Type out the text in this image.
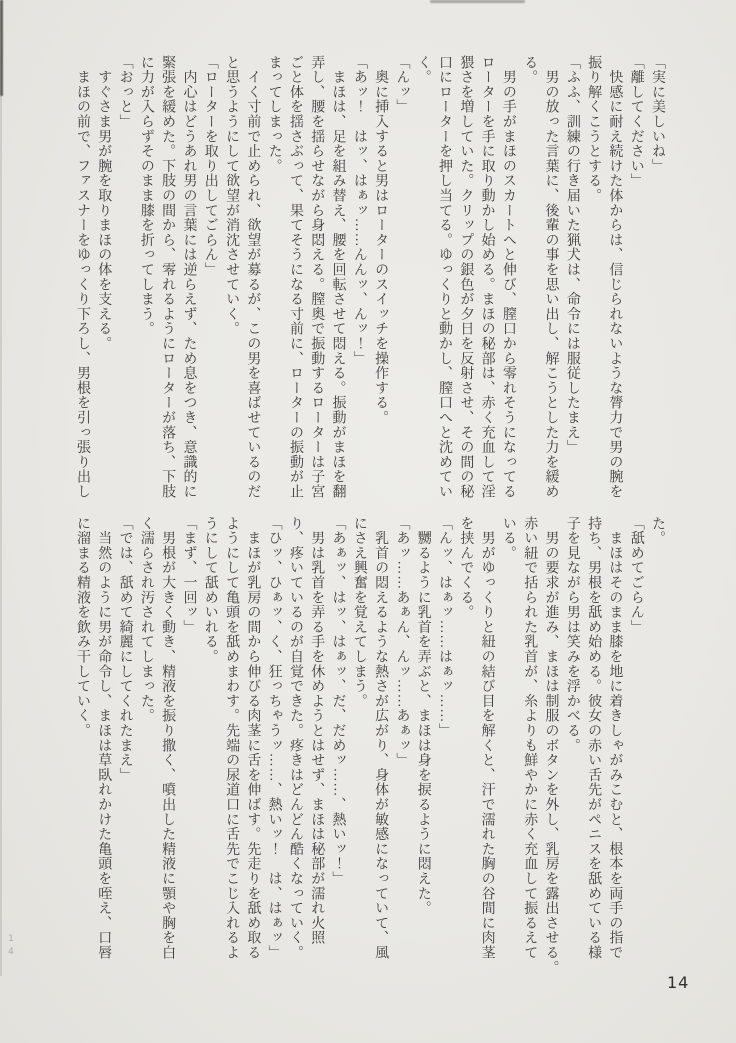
「実に美しいね」
「離してください」
　快感に耐え続けた体からは、信じられないような膂力で男の腕を
振り解くこうとする。
「ふふ、訓練の行き届いた猟犬は、命令には服従したまえ」
　男の放った言葉に、後輩の事を思い出し、解こうとした力を緩め
る。
　男の手がまほのスカートへと伸び、膣口から零れそうになってる
ローターを手に取り動かし始める。まほの秘部は、赤く充血して淫
猥さを増していた。クリップの銀色が夕日を反射させ、その間の秘
口にローターを押し当てる。ゆっくりと動かし、膣口へと沈めてい
く。
「んッ」
　奥に挿入すると男はローターのスイッチを操作する。
「あッ！　はッ、はぁッ……んんッ、んッ！」
　まほは、足を組み替え、腰を回転させて悶える。振動がまほを翻
弄し、腰を揺らせながら身悶える。膣奥で振動するローターは子宮
ごと体を揺さぶって、果てそうになる寸前に、ローターの振動が止
まってしまった。
　イく寸前で止められ、欲望が募るが、この男を喜ばせているのだ
と思うようにして欲望が消沈させていく。
「ローターを取り出してごらん」
　内心はどうあれ男の言葉には逆らえず、ため息をつき、意識的に
緊張を緩めた。下肢の間から、零れるようにローターが落ち、下肢
に力が入らずそのまま膝を折ってしまう。
「おっと」
　すぐさま男が腕を取りまほの体を支える。
　まほの前で、ファスナーをゆっくり下ろし、男根を引っ張り出し
た。
「舐めてごらん」
　まほはそのまま膝を地に着きしゃがみこむと、根本を両手の指で
持ち、男根を舐め始める。彼女の赤い舌先がペニスを舐めている様
子を見ながら男は笑みを浮かべる。
　男の要求が進み、まほは制服のボタンを外し、乳房を露出させる。
赤い紐で括られた乳首が、糸よりも鮮やかに赤く充血して振るえて
いる。
　男がゆっくりと紐の結び目を解くと、汗で濡れた胸の谷間に肉茎
を挟んでくる。
「んッ、はぁッ……はぁッ……」
　嬲るように乳首を弄ぶと、まほは身を捩るように悶えた。
「あッ……あぁん、んッ……あぁッ」
　乳首の悶えるような熱さが広がり、身体が敏感になっていて、風
にさえ興奮を覚えてしまう。
「あぁッ、はッ、はぁッ、だ、だめッ……、熱いッ！」
　男は乳首を弄る手を休めようとはせず、まほは秘部が濡れ火照
り、疼いているのが自覚できた。疼きはどんどん酷くなっていく。
「ひッ、ひぁッ、く、狂っちゃうッ……、熱いッ！　は、はぁッ」
　まほが乳房の間から伸びる肉茎に舌を伸ばす。先走りを舐め取る
ようにして亀頭を舐めまわす。先端の尿道口に舌先でこじ入れるよ
うにして舐めいれる。
「まず、一回ッ」
　男根が大きく動き、精液を振り撒く、噴出した精液に顎や胸を白
く濡らされ汚されてしまった。
「では、舐めて綺麗にしてくれたまえ」
　当然のように男が命令し、まほは草臥れかけた亀頭を咥え、口唇
に溜まる精液を飲み干していく。
14
14
